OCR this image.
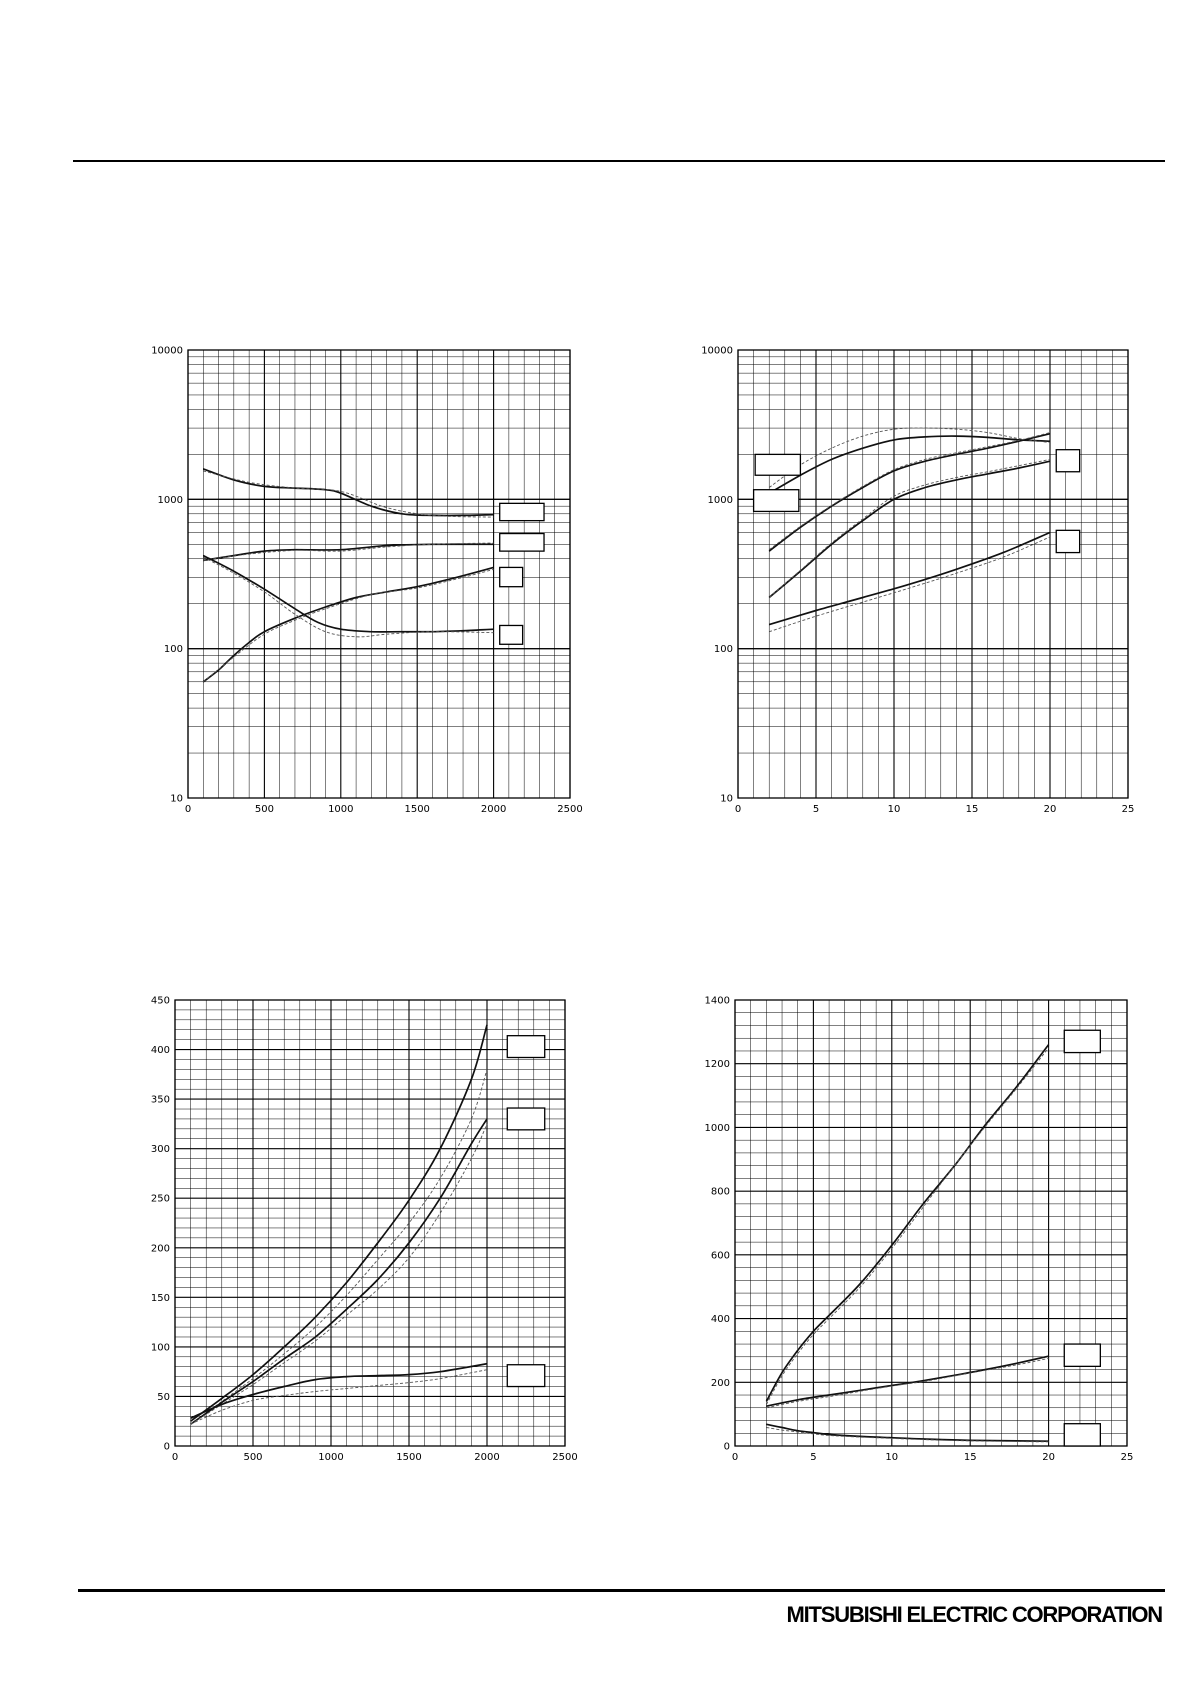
0	500	1000	1500	2000	2500
10
100
1000
10000
0	5	10	15	20	25
10
100
1000
10000
0	500	1000	1500	2000	2500
0
50
100
150
200
250
300
350
400
450
0	5	10	15	20	25
0
200
400
600
800
1000
1200
1400
MITSUBISHI ELECTRIC CORPORATION
